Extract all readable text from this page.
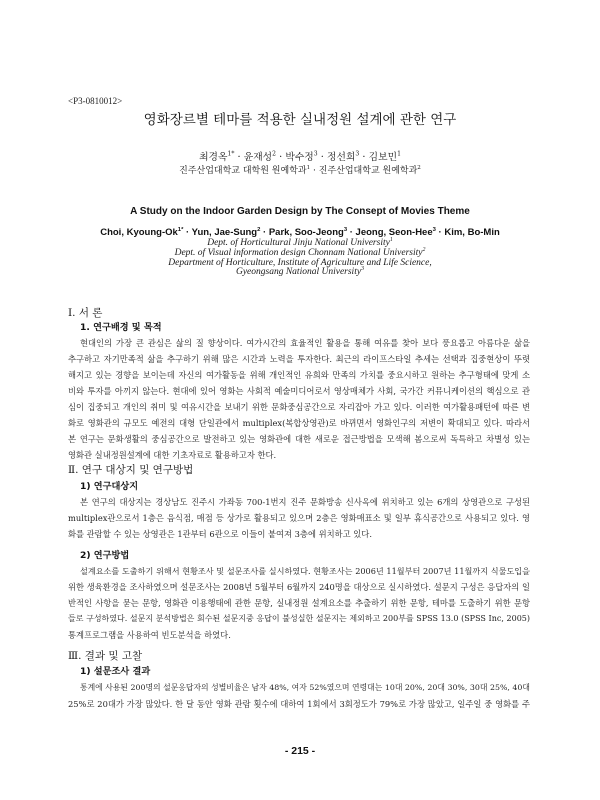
<P3-0810012>
영화장르별 테마를 적용한 실내정원 설계에 관한 연구
최경옥$^{1*}$ · 윤재성$^2$ · 박수정$^3$ · 정선희$^3$ · 김보민$^1$
진주산업대학교 대학원 원예학과$^1$ · 진주산업대학교 원예학과$^2$
A Study on the Indoor Garden Design by The Consept of Movies Theme
Choi, Kyoung-$Ok^{1*}$ · Yun, Jae-Sung$^2$ · Park, Soo-Jeong$^3$ · Jeong, Seon-Hee$^3$ · Kim, Bo-Min
Dept. of Horticultural Jinju National University$^1$
Dept. of Visual information design Chonnam National University$^2$
Department of Horticulture, Institute of Agriculture and Life Science,
Gyeongsang National University$^3$
Ⅰ. 서 론
1. 연구배경 및 목적
현대인의 가장 큰 관심은 삶의 질 향상이다. 여가시간의 효율적인 활용을 통해 여유를 찾아 보다 풍요롭고 아름다운 삶을
추구하고 자기만족적 삶을 추구하기 위해 많은 시간과 노력을 투자한다. 최근의 라이프스타일 추세는 선택과 집중현상이 뚜렷
해지고 있는 경향을 보이는데 자신의 여가활동을 위해 개인적인 유희와 만족의 가치를 중요시하고 원하는 추구형태에 맞게 소
비와 투자를 아끼지 않는다. 현대에 있어 영화는 사회적 예술미디어로서 영상매체가 사회, 국가간 커뮤니케이션의 핵심으로 관
심이 집중되고 개인의 취미 및 여유시간을 보내기 위한 문화중심공간으로 자리잡아 가고 있다. 이러한 여가활용패턴에 따른 변
화로 영화관의 규모도 예전의 대형 단일관에서 multiplex(복합상영관)로 바뀌면서 영화인구의 저변이 확대되고 있다. 따라서
본 연구는 문화생활의 중심공간으로 발전하고 있는 영화관에 대한 새로운 접근방법을 모색해 봄으로써 독특하고 차별성 있는
영화관 실내정원설계에 대한 기초자료로 활용하고자 한다.
Ⅱ. 연구 대상지 및 연구방법
1) 연구대상지
본 연구의 대상지는 경상남도 진주시 가좌동 700-1번지 진주 문화방송 신사옥에 위치하고 있는 6개의 상영관으로 구성된
multiplex관으로서 1층은 음식점, 매점 등 상가로 활용되고 있으며 2층은 영화매표소 및 일부 휴식공간으로 사용되고 있다. 영
화를 관람할 수 있는 상영관은 1관부터 6관으로 이들이 붙여져 3층에 위치하고 있다.
2) 연구방법
설계요소를 도출하기 위해서 현황조사 및 설문조사를 실시하였다. 현황조사는 2006년 11월부터 2007년 11월까지 식물도입을
위한 생육환경을 조사하였으며 설문조사는 2008년 5월부터 6월까지 240명을 대상으로 실시하였다. 설문지 구성은 응답자의 일
반적인 사항을 묻는 문항, 영화관 이용행태에 관한 문항, 실내정원 설계요소를 추출하기 위한 문항, 테마를 도출하기 위한 문항
들로 구성하였다. 설문지 분석방법은 회수된 설문지중 응답이 불성실한 설문지는 제외하고 200부를 SPSS 13.0 (SPSS Inc, 2005)
통계프로그램을 사용하여 빈도분석을 하였다.
Ⅲ. 결과 및 고찰
1) 설문조사 결과
통계에 사용된 200명의 설문응답자의 성별비율은 남자 48%, 여자 52%였으며 연령대는 10대 20%, 20대 30%, 30대 25%, 40대
25%로 20대가 가장 많았다. 한 달 동안 영화 관람 횟수에 대하여 1회에서 3회정도가 79%로 가장 많았고, 일주일 중 영화를 주
- 215 -
